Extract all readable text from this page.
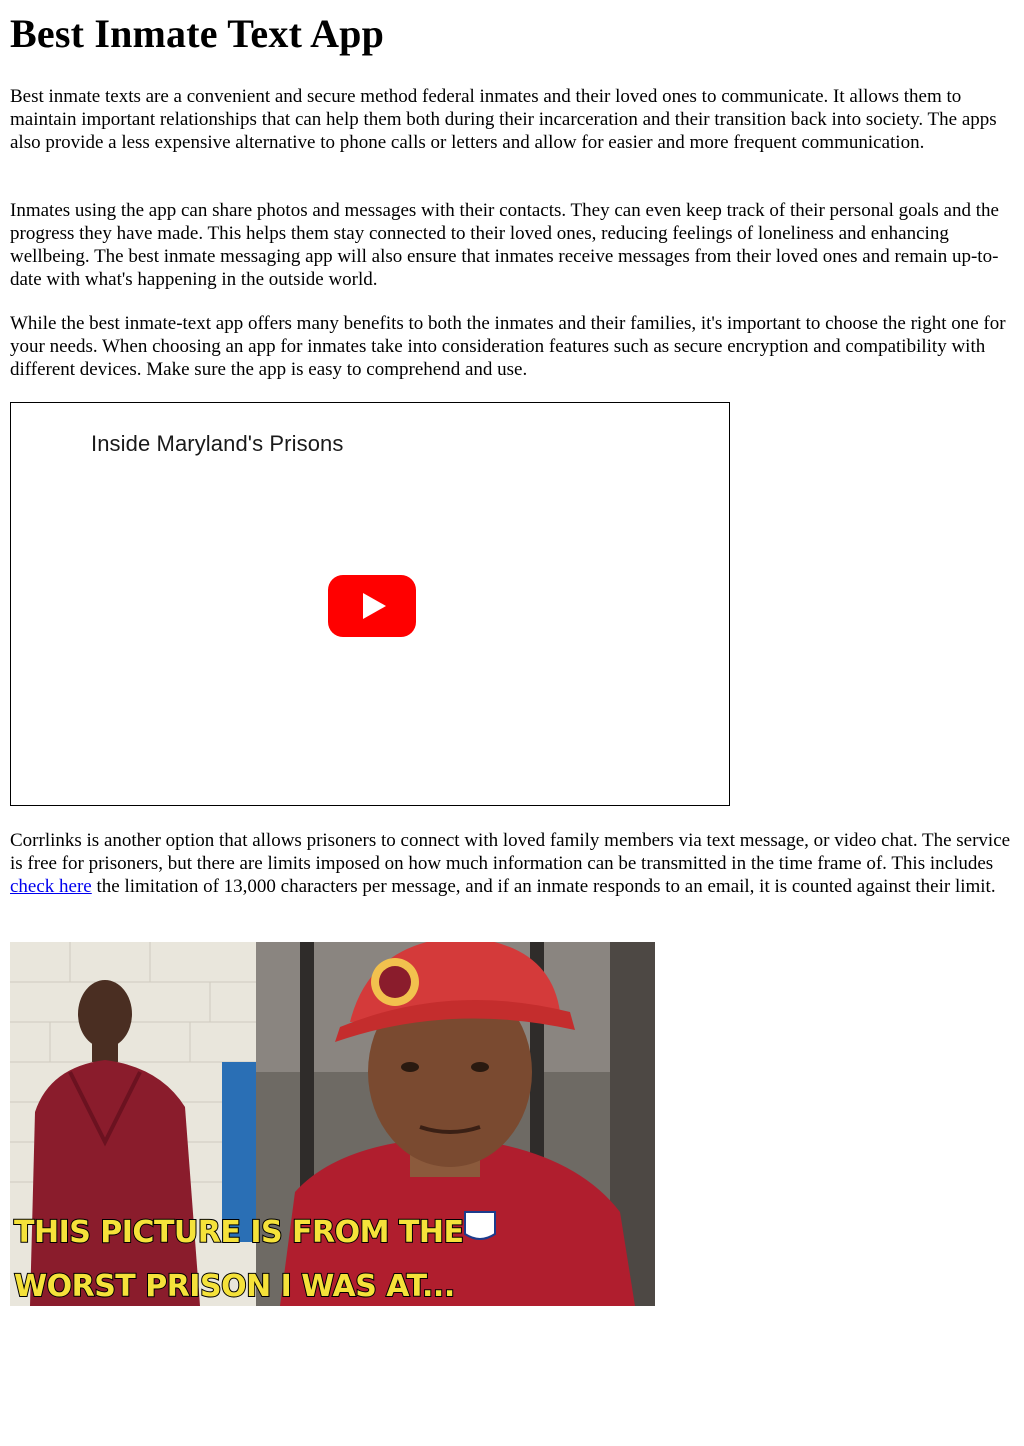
Best Inmate Text App

Best inmate texts are a convenient and secure method federal inmates and their loved ones to communicate. It allows them to maintain important relationships that can help them both during their incarceration and their transition back into society. The apps also provide a less expensive alternative to phone calls or letters and allow for easier and more frequent communication.

Inmates using the app can share photos and messages with their contacts. They can even keep track of their personal goals and the progress they have made. This helps them stay connected to their loved ones, reducing feelings of loneliness and enhancing wellbeing. The best inmate messaging app will also ensure that inmates receive messages from their loved ones and remain up-to-date with what's happening in the outside world.

While the best inmate-text app offers many benefits to both the inmates and their families, it's important to choose the right one for your needs. When choosing an app for inmates take into consideration features such as secure encryption and compatibility with different devices. Make sure the app is easy to comprehend and use.

Inside Maryland's Prisons

Corrlinks is another option that allows prisoners to connect with loved family members via text message, or video chat. The service is free for prisoners, but there are limits imposed on how much information can be transmitted in the time frame of. This includes check here the limitation of 13,000 characters per message, and if an inmate responds to an email, it is counted against their limit.

THIS PICTURE IS FROM THE
WORST PRISON I WAS AT...
